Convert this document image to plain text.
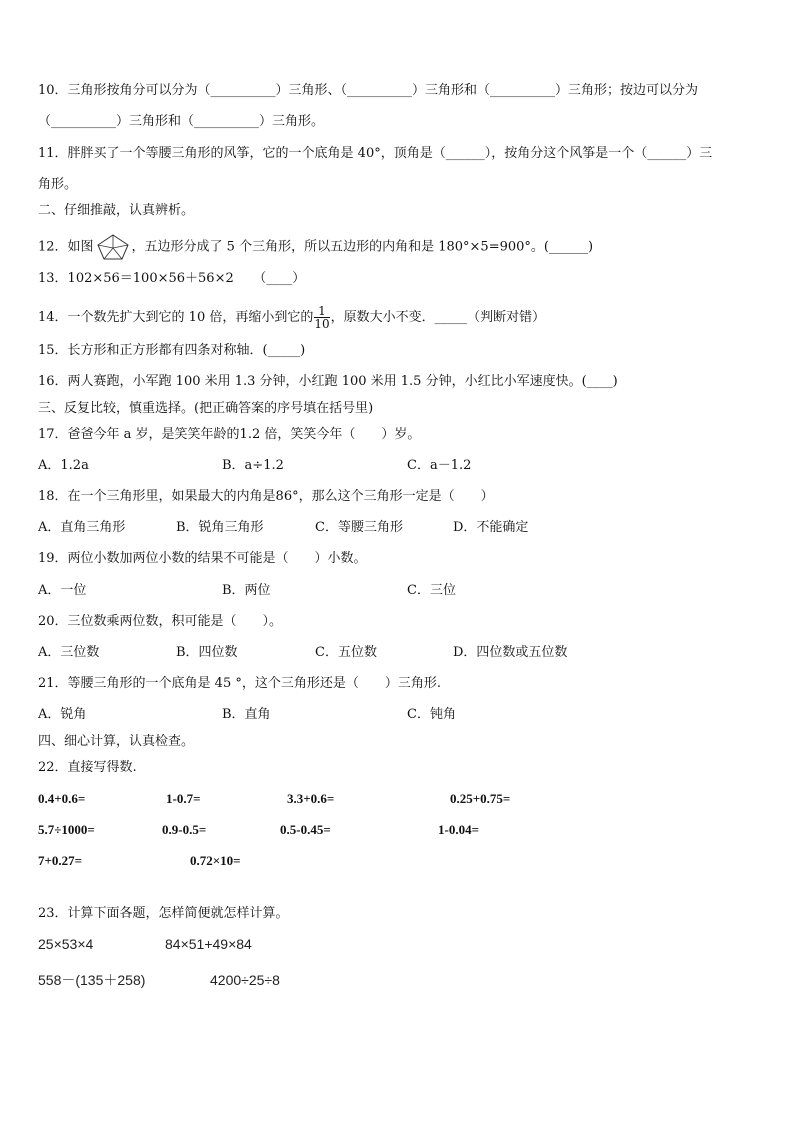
10．三角形按角分可以分为（__________）三角形、（__________）三角形和（__________）三角形；按边可以分为
（__________）三角形和（__________）三角形。
11．胖胖买了一个等腰三角形的风筝，它的一个底角是 40°，顶角是（______），按角分这个风筝是一个（______）三
角形。
二、仔细推敲，认真辨析。
12．如图	，五边形分成了 5 个三角形，所以五边形的内角和是 180°×5=900°。(______)
13．102×56＝100×56＋56×2　　（____）
14．一个数先扩大到它的 10 倍，再缩小到它的 $\frac{1}{10}$ ，原数大小不变．_____（判断对错）
15．长方形和正方形都有四条对称轴．(_____)
16．两人赛跑，小军跑 100 米用 1.3 分钟，小红跑 100 米用 1.5 分钟，小红比小军速度快。(____)
三、反复比较，慎重选择。(把正确答案的序号填在括号里)
17．爸爸今年 a 岁，是笑笑年龄的1.2 倍，笑笑今年（　　）岁。
A．1.2a	B．a÷1.2	C．a－1.2
18．在一个三角形里，如果最大的内角是86°，那么这个三角形一定是（　　）
A．直角三角形	B．锐角三角形	C．等腰三角形	D．不能确定
19．两位小数加两位小数的结果不可能是（　　）小数。
A．一位	B．两位	C．三位
20．三位数乘两位数，积可能是（　　）。
A．三位数	B．四位数	C．五位数	D．四位数或五位数
21．等腰三角形的一个底角是 45 °，这个三角形还是（　　）三角形.
A．锐角	B．直角	C．钝角
四、细心计算，认真检查。
22．直接写得数.
0.4+0.6=	1-0.7=	3.3+0.6=	0.25+0.75=
5.7÷1000=	0.9-0.5=	0.5-0.45=	1-0.04=
7+0.27=	0.72×10=
23．计算下面各题，怎样简便就怎样计算。
25×53×4	84×51+49×84
558－(135＋258)	4200÷25÷8
